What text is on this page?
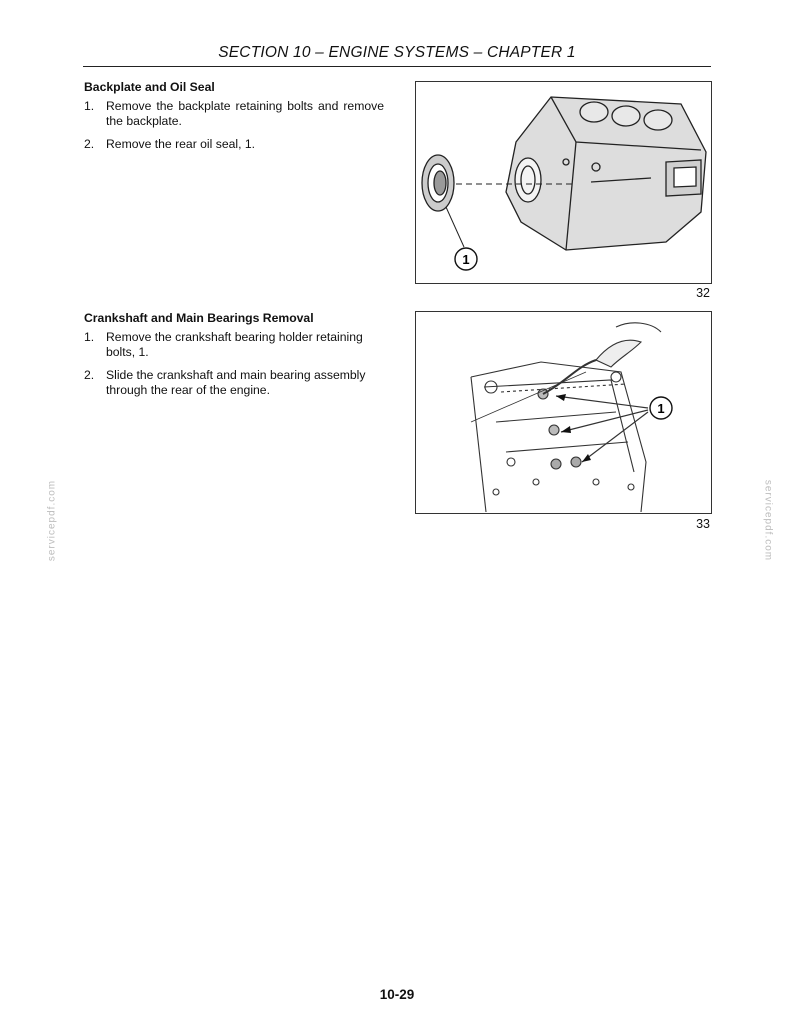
SECTION 10 – ENGINE SYSTEMS – CHAPTER 1
Backplate and Oil Seal
1. Remove the backplate retaining bolts and remove the backplate.
2. Remove the rear oil seal, 1.
1
32
Crankshaft and Main Bearings Removal
1. Remove the crankshaft bearing holder retaining bolts, 1.
2. Slide the crankshaft and main bearing assembly through the rear of the engine.
1
33
servicepdf.com	servicepdf.com
10-29
